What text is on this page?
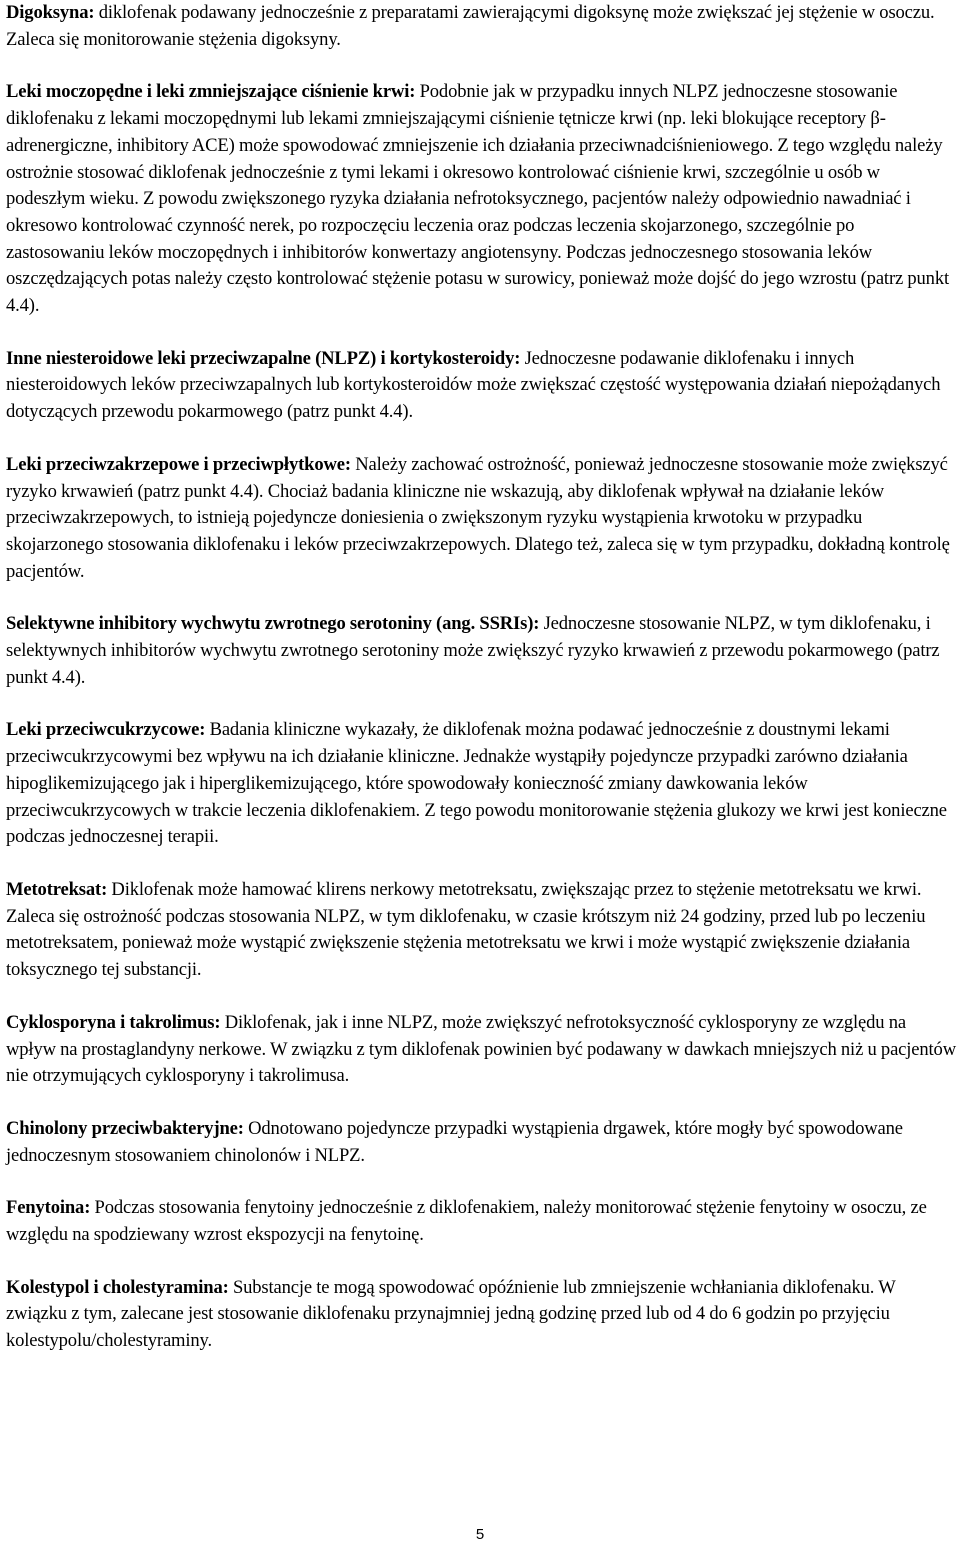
Digoksyna: diklofenak podawany jednocześnie z preparatami zawierającymi digoksynę może zwiększać jej stężenie w osoczu. Zaleca się monitorowanie stężenia digoksyny.

Leki moczopędne i leki zmniejszające ciśnienie krwi: Podobnie jak w przypadku innych NLPZ jednoczesne stosowanie diklofenaku z lekami moczopędnymi lub lekami zmniejszającymi ciśnienie tętnicze krwi (np. leki blokujące receptory β-adrenergiczne, inhibitory ACE) może spowodować zmniejszenie ich działania przeciwnadciśnieniowego. Z tego względu należy ostrożnie stosować diklofenak jednocześnie z tymi lekami i okresowo kontrolować ciśnienie krwi, szczególnie u osób w podeszłym wieku. Z powodu zwiększonego ryzyka działania nefrotoksycznego, pacjentów należy odpowiednio nawadniać i okresowo kontrolować czynność nerek, po rozpoczęciu leczenia oraz podczas leczenia skojarzonego, szczególnie po zastosowaniu leków moczopędnych i inhibitorów konwertazy angiotensyny. Podczas jednoczesnego stosowania leków oszczędzających potas należy często kontrolować stężenie potasu w surowicy, ponieważ może dojść do jego wzrostu (patrz punkt 4.4).

Inne niesteroidowe leki przeciwzapalne (NLPZ) i kortykosteroidy: Jednoczesne podawanie diklofenaku i innych niesteroidowych leków przeciwzapalnych lub kortykosteroidów może zwiększać częstość występowania działań niepożądanych dotyczących przewodu pokarmowego (patrz punkt 4.4).

Leki przeciwzakrzepowe i przeciwpłytkowe: Należy zachować ostrożność, ponieważ jednoczesne stosowanie może zwiększyć ryzyko krwawień (patrz punkt 4.4). Chociaż badania kliniczne nie wskazują, aby diklofenak wpływał na działanie leków przeciwzakrzepowych, to istnieją pojedyncze doniesienia o zwiększonym ryzyku wystąpienia krwotoku w przypadku skojarzonego stosowania diklofenaku i leków przeciwzakrzepowych. Dlatego też, zaleca się w tym przypadku, dokładną kontrolę pacjentów.

Selektywne inhibitory wychwytu zwrotnego serotoniny (ang. SSRIs): Jednoczesne stosowanie NLPZ, w tym diklofenaku, i selektywnych inhibitorów wychwytu zwrotnego serotoniny może zwiększyć ryzyko krwawień z przewodu pokarmowego (patrz punkt 4.4).

Leki przeciwcukrzycowe: Badania kliniczne wykazały, że diklofenak można podawać jednocześnie z doustnymi lekami przeciwcukrzycowymi bez wpływu na ich działanie kliniczne. Jednakże wystąpiły pojedyncze przypadki zarówno działania hipoglikemizującego jak i hiperglikemizującego, które spowodowały konieczność zmiany dawkowania leków przeciwcukrzycowych w trakcie leczenia diklofenakiem. Z tego powodu monitorowanie stężenia glukozy we krwi jest konieczne podczas jednoczesnej terapii.

Metotreksat: Diklofenak może hamować klirens nerkowy metotreksatu, zwiększając przez to stężenie metotreksatu we krwi. Zaleca się ostrożność podczas stosowania NLPZ, w tym diklofenaku, w czasie krótszym niż 24 godziny, przed lub po leczeniu metotreksatem, ponieważ może wystąpić zwiększenie stężenia metotreksatu we krwi i może wystąpić zwiększenie działania toksycznego tej substancji.

Cyklosporyna i takrolimus: Diklofenak, jak i inne NLPZ, może zwiększyć nefrotoksyczność cyklosporyny ze względu na wpływ na prostaglandyny nerkowe. W związku z tym diklofenak powinien być podawany w dawkach mniejszych niż u pacjentów nie otrzymujących cyklosporyny i takrolimusa.

Chinolony przeciwbakteryjne: Odnotowano pojedyncze przypadki wystąpienia drgawek, które mogły być spowodowane jednoczesnym stosowaniem chinolonów i NLPZ.

Fenytoina: Podczas stosowania fenytoiny jednocześnie z diklofenakiem, należy monitorować stężenie fenytoiny w osoczu, ze względu na spodziewany wzrost ekspozycji na fenytoinę.

Kolestypol i cholestyramina: Substancje te mogą spowodować opóźnienie lub zmniejszenie wchłaniania diklofenaku. W związku z tym, zalecane jest stosowanie diklofenaku przynajmniej jedną godzinę przed lub od 4 do 6 godzin po przyjęciu kolestypolu/cholestyraminy.

5
